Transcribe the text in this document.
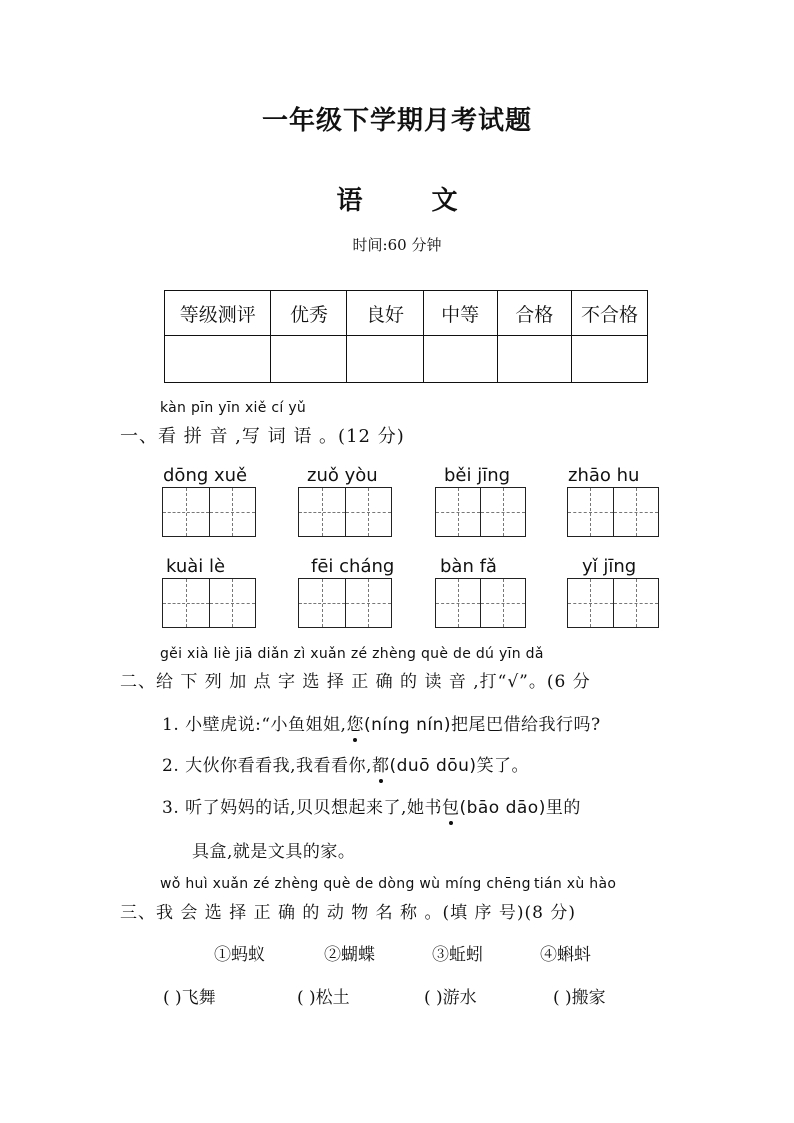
一年级下学期月考试题
语	文
时间:60 分钟
等级测评	优秀	良好	中等	合格	不合格

kàn pīn yīn xiě cí yǔ
一、看 拼 音 ,写 词 语 。(12 分)
dōng xuě	zuǒ yòu	běi jīng	zhāo hu
kuài lè	fēi cháng	bàn fǎ	yǐ jīng
gěi xià liè jiā diǎn zì xuǎn zé zhèng què de dú yīn dǎ
二、给 下 列 加 点 字 选 择 正 确 的 读 音 ,打“√”。(6 分
1. 小壁虎说:“小鱼姐姐,您(níng nín)把尾巴借给我行吗?
2. 大伙你看看我,我看看你,都(duō dōu)笑了。
3. 听了妈妈的话,贝贝想起来了,她书包(bāo dāo)里的
具盒,就是文具的家。
wǒ huì xuǎn zé zhèng què de dòng wù míng chēng tián xù hào
三、我 会 选 择 正 确 的 动 物 名 称 。(填 序 号)(8 分)
①蚂蚁	②蝴蝶	③蚯蚓	④蝌蚪
( )飞舞	( )松土	( )游水	( )搬家
